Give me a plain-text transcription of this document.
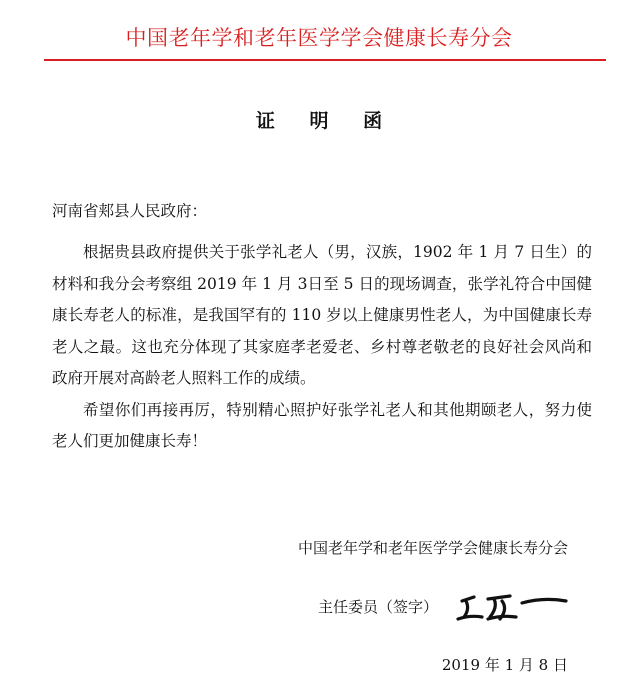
中国老年学和老年医学学会健康长寿分会
证 明 函
河南省郏县人民政府：

根据贵县政府提供关于张学礼老人（男，汉族，1902 年 1 月 7 日生）的材料和我分会考察组 2019 年 1 月 3日至 5 日的现场调查，张学礼符合中国健康长寿老人的标准，是我国罕有的 110 岁以上健康男性老人，为中国健康长寿老人之最。这也充分体现了其家庭孝老爱老、乡村尊老敬老的良好社会风尚和政府开展对高龄老人照料工作的成绩。

希望你们再接再厉，特别精心照护好张学礼老人和其他期颐老人，努力使老人们更加健康长寿！

中国老年学和老年医学学会健康长寿分会
主任委员（签字）
2019 年 1 月 8 日
